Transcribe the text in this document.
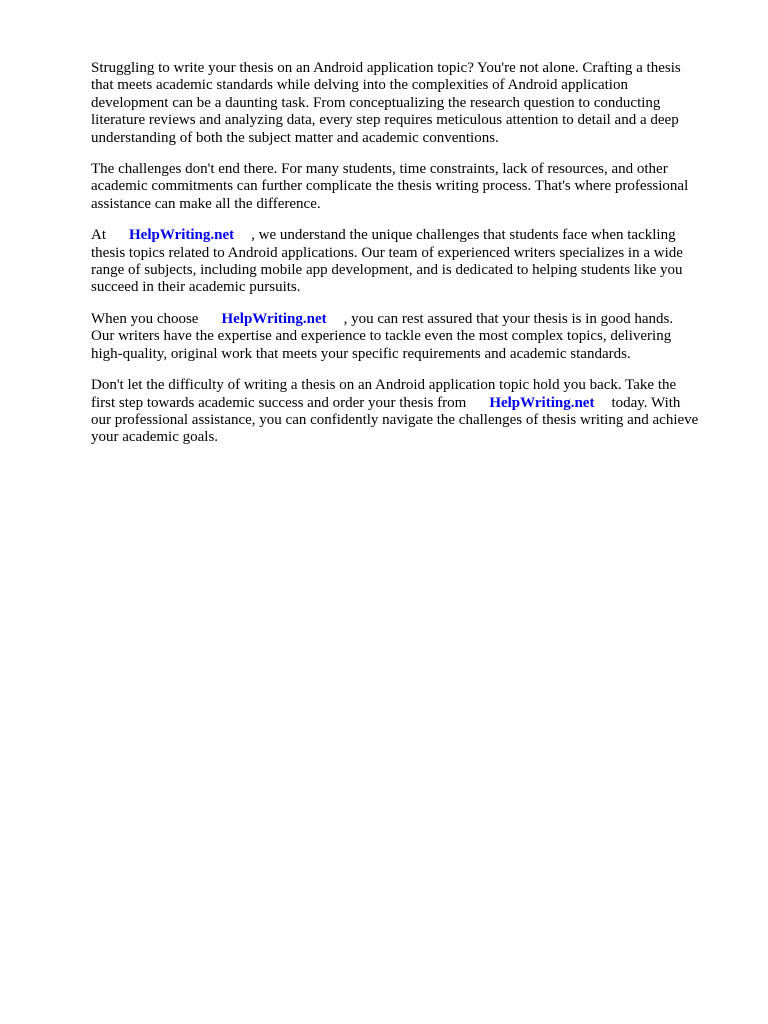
Struggling to write your thesis on an Android application topic? You're not alone. Crafting a thesis
that meets academic standards while delving into the complexities of Android application
development can be a daunting task. From conceptualizing the research question to conducting
literature reviews and analyzing data, every step requires meticulous attention to detail and a deep
understanding of both the subject matter and academic conventions.

The challenges don't end there. For many students, time constraints, lack of resources, and other
academic commitments can further complicate the thesis writing process. That's where professional
assistance can make all the difference.

At HelpWriting.net , we understand the unique challenges that students face when tackling
thesis topics related to Android applications. Our team of experienced writers specializes in a wide
range of subjects, including mobile app development, and is dedicated to helping students like you
succeed in their academic pursuits.

When you choose HelpWriting.net , you can rest assured that your thesis is in good hands.
Our writers have the expertise and experience to tackle even the most complex topics, delivering
high-quality, original work that meets your specific requirements and academic standards.

Don't let the difficulty of writing a thesis on an Android application topic hold you back. Take the
first step towards academic success and order your thesis from HelpWriting.net today. With
our professional assistance, you can confidently navigate the challenges of thesis writing and achieve
your academic goals.
